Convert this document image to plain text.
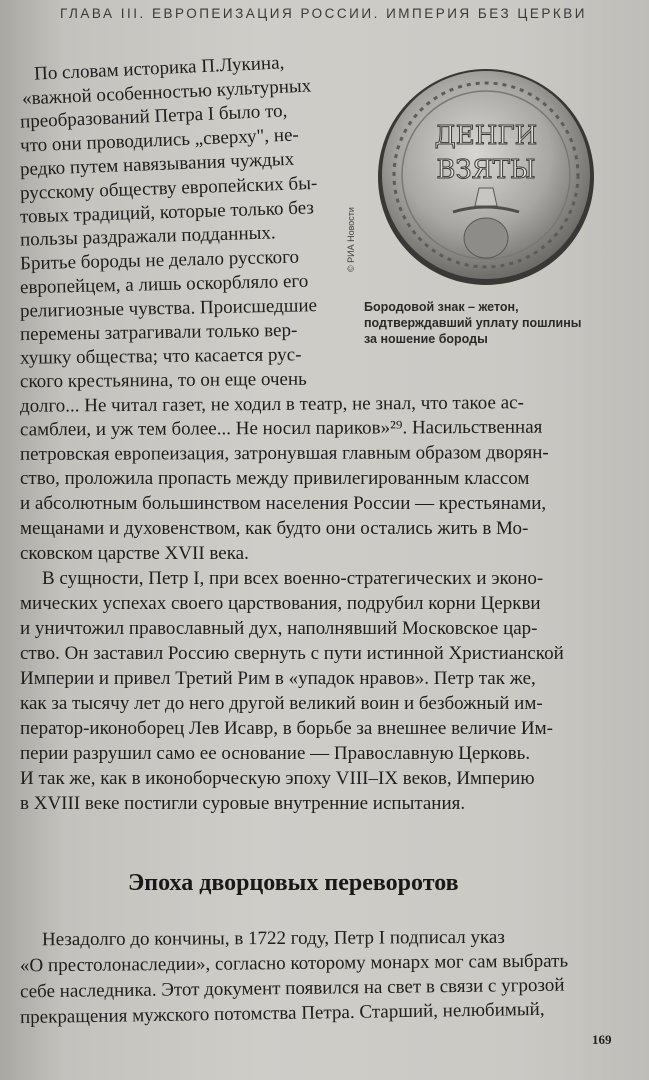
ГЛАВА III. ЕВРОПЕИЗАЦИЯ РОССИИ. ИМПЕРИЯ БЕЗ ЦЕРКВИ
По словам историка П.Лукина,
«важной особенностью культурных
преобразований Петра I было то,
что они проводились „сверху", не-
редко путем навязывания чуждых
русскому обществу европейских бы-
товых традиций, которые только без
пользы раздражали подданных.
Бритье бороды не делало русского
европейцем, а лишь оскорбляло его
религиозные чувства. Происшедшие
перемены затрагивали только вер-
хушку общества; что касается рус-
ского крестьянина, то он еще очень
долго... Не читал газет, не ходил в театр, не знал, что такое ас-
самблеи, и уж тем более... Не носил париков»²⁹. Насильственная
петровская европеизация, затронувшая главным образом дворян-
ство, проложила пропасть между привилегированным классом
и абсолютным большинством населения России — крестьянами,
мещанами и духовенством, как будто они остались жить в Мо-
сковском царстве XVII века.
В сущности, Петр I, при всех военно-стратегических и эконо-
мических успехах своего царствования, подрубил корни Церкви
и уничтожил православный дух, наполнявший Московское цар-
ство. Он заставил Россию свернуть с пути истинной Христианской
Империи и привел Третий Рим в «упадок нравов». Петр так же,
как за тысячу лет до него другой великий воин и безбожный им-
ператор-иконоборец Лев Исавр, в борьбе за внешнее величие Им-
перии разрушил само ее основание — Православную Церковь.
И так же, как в иконоборческую эпоху VIII–IX веков, Империю
в XVIII веке постигли суровые внутренние испытания.
Эпоха дворцовых переворотов
Незадолго до кончины, в 1722 году, Петр I подписал указ
«О престолонаследии», согласно которому монарх мог сам выбрать
себе наследника. Этот документ появился на свет в связи с угрозой
прекращения мужского потомства Петра. Старший, нелюбимый,
ДЕНГИ
ВЗЯТЫ
© РИА Новости
Бородовой знак – жетон,
подтверждавший уплату пошлины
за ношение бороды
169
